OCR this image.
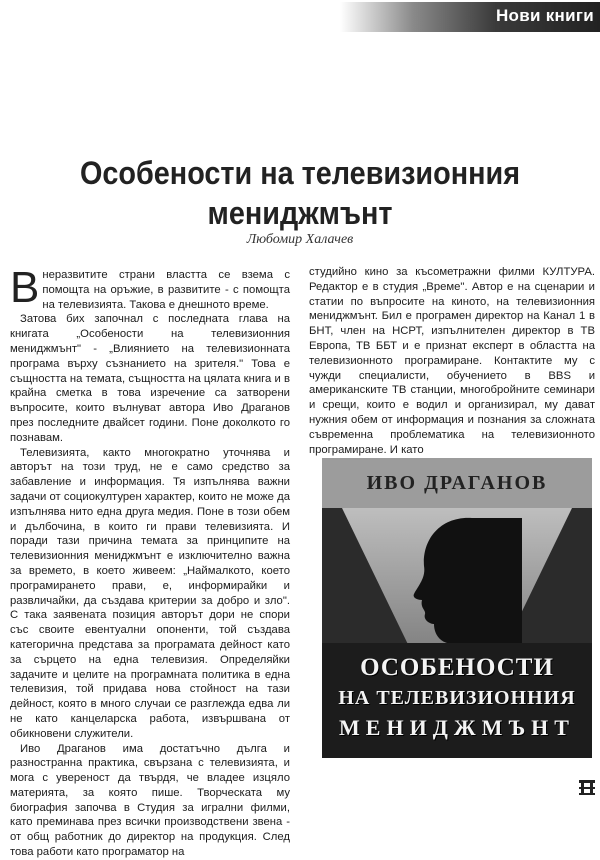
Нови книги
Особености на телевизионния
мениджмънт
Любомир Халачев

Внеразвитите страни властта се взема с помощта на оръжие, в развитите - с помощта на телевизията. Такова е днешното време.

Затова бих започнал с последната глава на книгата „Особености на телевизионния мениджмънт" - „Влиянието на телевизионната програма върху съзнанието на зрителя." Това е същността на темата, същността на цялата книга и в крайна сметка в това изречение са затворени въпросите, които вълнуват автора Иво Драганов през последните двайсет години. Поне доколкото го познавам.

Телевизията, както многократно уточнява и авторът на този труд, не е само средство за забавление и информация. Тя изпълнява важни задачи от социокултурен характер, които не може да изпълнява нито една друга медия. Поне в този обем и дълбочина, в които ги прави телевизията. И поради тази причина темата за принципите на телевизионния мениджмънт е изключително важна за времето, в което живеем: „Наймалкото, което програмирането прави, е, информирайки и развличайки, да създава критерии за добро и зло". С така заявената позиция авторът дори не спори със своите евентуални опоненти, той създава категорична представа за програмата дейност като за сърцето на една телевизия. Определяйки задачите и целите на програмната политика в една телевизия, той придава нова стойност на тази дейност, която в много случаи се разглежда едва ли не като канцеларска работа, извършвана от обикновени служители.

Иво Драганов има достатъчно дълга и разностранна практика, свързана с телевизията, и мога с увереност да твърдя, че владее изцяло материята, за която пише. Творческата му биография започва в Студия за игрални филми, като преминава през всички производствени звена - от общ работник до директор на продукция. След това работи като програматор на

студийно кино за късометражни филми КУЛТУРА. Редактор е в студия „Време". Автор е на сценарии и статии по въпросите на киното, на телевизионния мениджмънт. Бил е програмен директор на Канал 1 в БНТ, член на НСРТ, изпълнителен директор в ТВ Европа, ТВ ББТ и е признат експерт в областта на телевизионното програмиране. Контактите му с чужди специалисти, обучението в BBS и американските ТВ станции, многобройните семинари и срещи, които е водил и организирал, му дават нужния обем от информация и познания за сложната съвременна проблематика на телевизионното програмиране. И като

ИВО ДРАГАНОВ
ОСОБЕНОСТИ
НА ТЕЛЕВИЗИОННИЯ
МЕНИДЖМЪНТ
